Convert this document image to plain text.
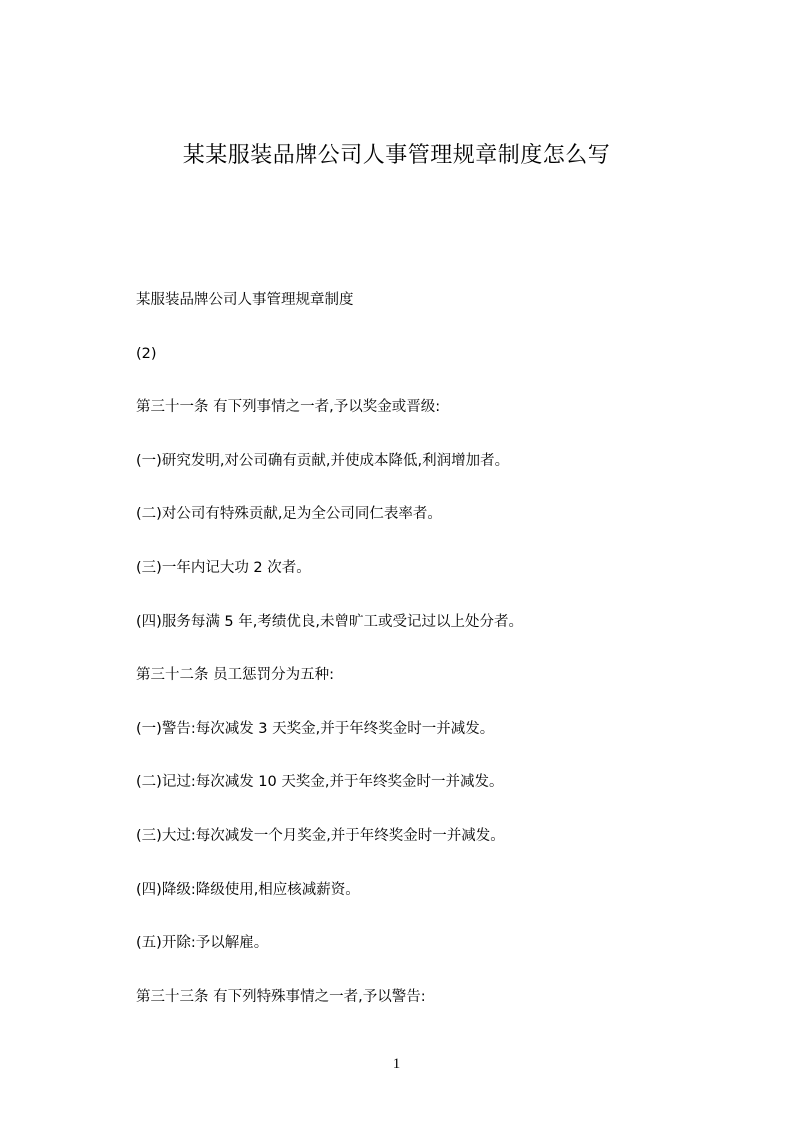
某某服装品牌公司人事管理规章制度怎么写
某服装品牌公司人事管理规章制度
(2)
第三十一条 有下列事情之一者,予以奖金或晋级:
(一)研究发明,对公司确有贡献,并使成本降低,利润增加者。
(二)对公司有特殊贡献,足为全公司同仁表率者。
(三)一年内记大功 2 次者。
(四)服务每满 5 年,考绩优良,未曾旷工或受记过以上处分者。
第三十二条 员工惩罚分为五种:
(一)警告:每次减发 3 天奖金,并于年终奖金时一并减发。
(二)记过:每次减发 10 天奖金,并于年终奖金时一并减发。
(三)大过:每次减发一个月奖金,并于年终奖金时一并减发。
(四)降级:降级使用,相应核减薪资。
(五)开除:予以解雇。
第三十三条 有下列特殊事情之一者,予以警告:
1
